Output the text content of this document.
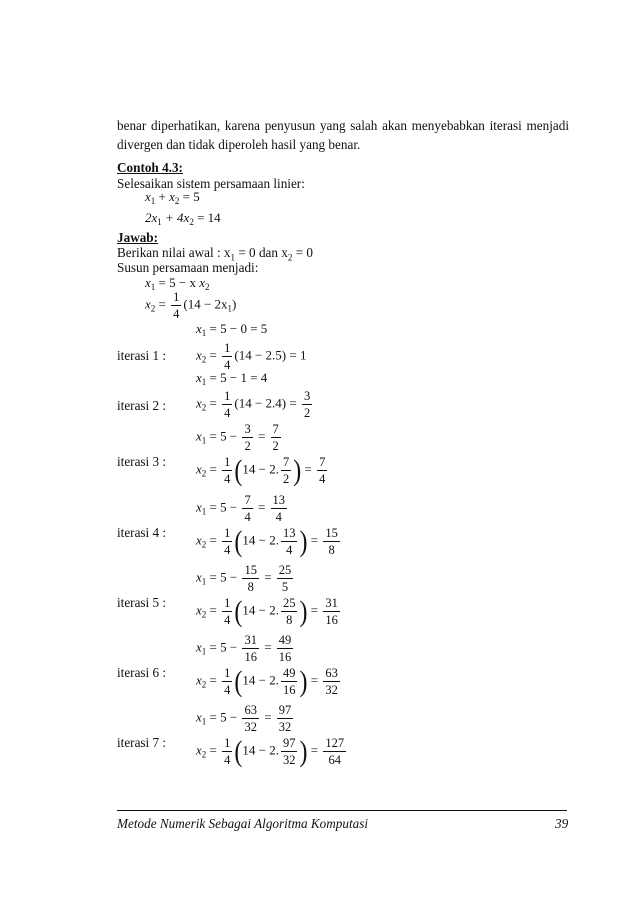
benar diperhatikan, karena penyusun yang salah akan menyebabkan iterasi menjadi
divergen dan tidak diperoleh hasil yang benar.
Contoh 4.3:
Selesaikan sistem persamaan linier:
$x_1 + x_2 = 5$
$2x_1 + 4x_2 = 14$
Jawab:
Berikan nilai awal : $x_1 = 0$ dan $x_2 = 0$
Susun persamaan menjadi:
$x_1 = 5 - x$ $x_2$
$x_2 = \frac{1}{4} (14 - 2x_1)$
$x_1 = 5 - 0 = 5$
iterasi 1 : $x_2 = \frac{1}{4} (14 - 2.5) = 1$
$x_1 = 5 - 1 = 4$
iterasi 2 : $x_2 = \frac{1}{4} (14 - 2.4) = \frac{3}{2}$
$x_1 = 5 - \frac{3}{2} = \frac{7}{2}$
iterasi 3 : $x_2 = \frac{1}{4} (14 - 2$. $\frac{7}{2}$ ) = $\frac{7}{4}$
$x_1 = 5 - \frac{7}{4} = \frac{13}{4}$
iterasi 4 : $x_2 = \frac{1}{4} (14 - 2$. $\frac{13}{4}$ ) = $\frac{15}{8}$
$x_1 = 5 - \frac{15}{8} = \frac{25}{5}$
iterasi 5 : $x_2 = \frac{1}{4} (14 - 2$. $\frac{25}{8}$ ) = $\frac{31}{16}$
$x_1 = 5 - \frac{31}{16} = \frac{49}{16}$
iterasi 6 : $x_2 = \frac{1}{4} (14 - 2$. $\frac{49}{16}$ ) = $\frac{63}{32}$
$x_1 = 5 - \frac{63}{32} = \frac{97}{32}$
iterasi 7 : $x_2 = \frac{1}{4} (14 - 2$. $\frac{97}{32}$ ) = $\frac{127}{64}$
Metode Numerik Sebagai Algoritma Komputasi	39
